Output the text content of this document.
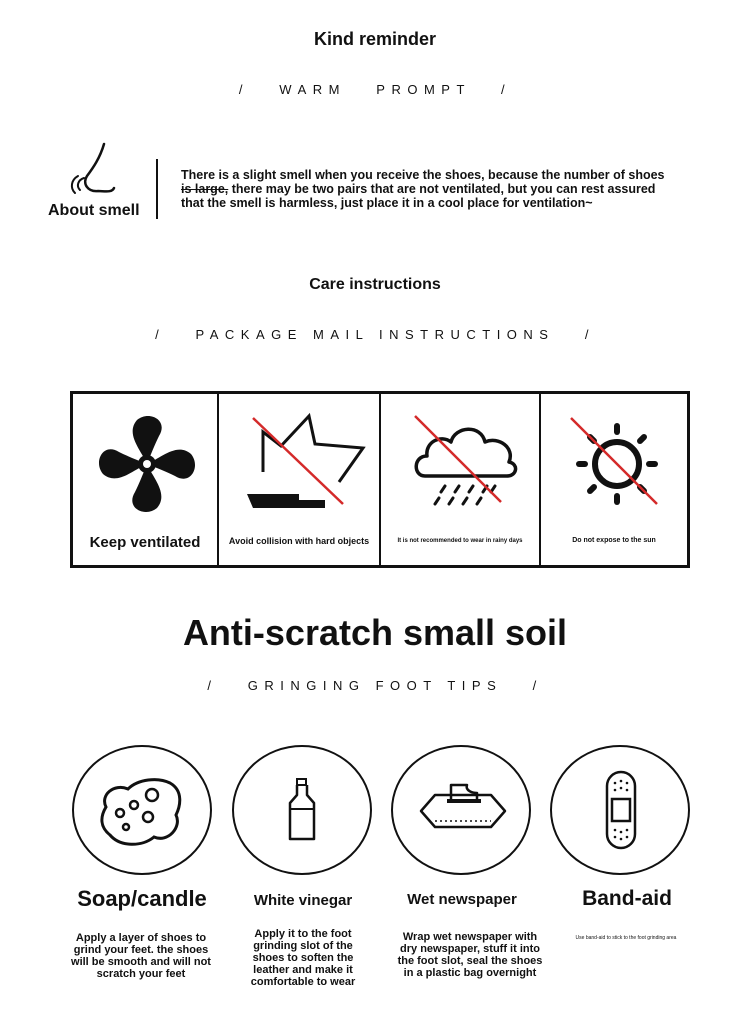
Kind reminder
/   WARM   PROMPT   /
About smell
There is a slight smell when you receive the shoes, because the number of shoes
is large, there may be two pairs that are not ventilated, but you can rest assured
that the smell is harmless, just place it in a cool place for ventilation~
Care instructions
/   PACKAGE MAIL INSTRUCTIONS   /
Keep ventilated	Avoid collision with hard objects	It is not recommended to wear in rainy days	Do not expose to the sun
Anti-scratch small soil
/   GRINGING FOOT TIPS   /
Soap/candle	White vinegar	Wet newspaper	Band-aid
Apply a layer of shoes to
grind your feet. the shoes
will be smooth and will not
scratch your feet
Apply it to the foot
grinding slot of the
shoes to soften the
leather and make it
comfortable to wear
Wrap wet newspaper with
dry newspaper, stuff it into
the foot slot, seal the shoes
in a plastic bag overnight
Use band-aid to stick to the foot grinding area
